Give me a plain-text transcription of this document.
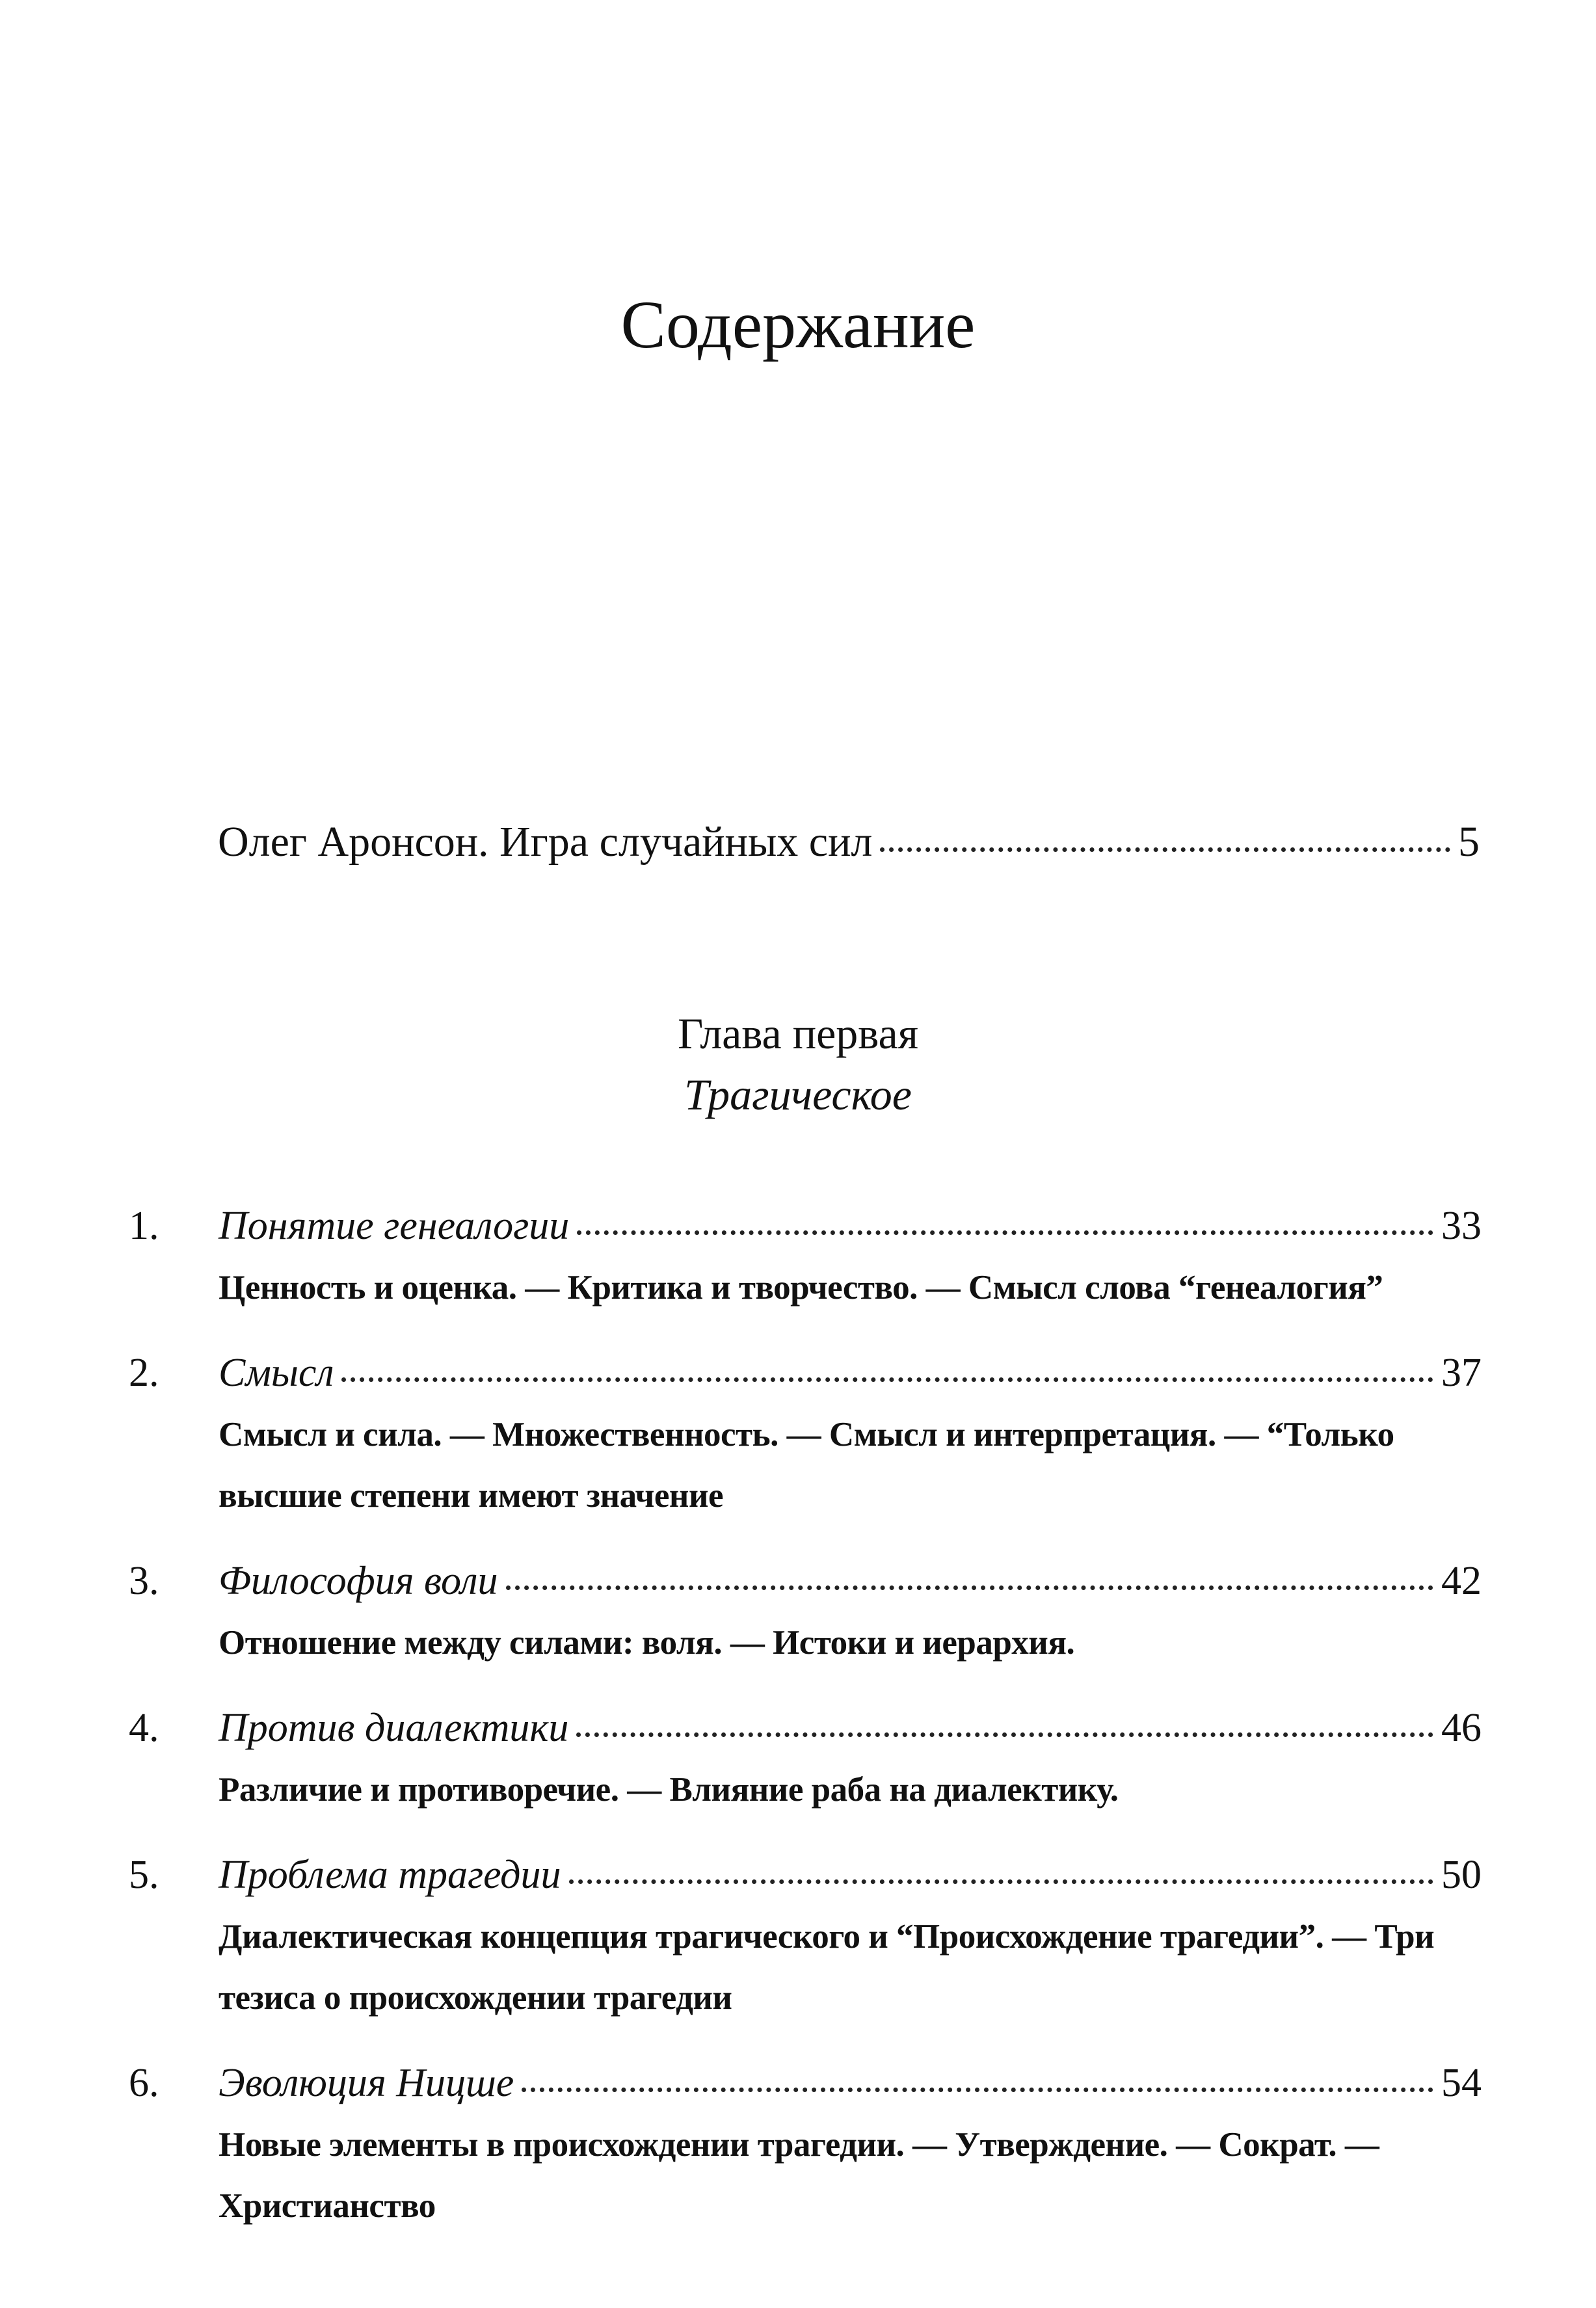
Содержание
Олег Аронсон. Игра случайных сил	5
Глава первая
Трагическое
1.	Понятие генеалогии	33
Ценность и оценка. — Критика и творчество. — Смысл слова “генеалогия”
2.	Смысл	37
Смысл и сила. — Множественность. — Смысл и интерпретация. — “Только высшие степени имеют значение
3.	Философия воли	42
Отношение между силами: воля. — Истоки и иерархия.
4.	Против диалектики	46
Различие и противоречие. — Влияние раба на диалектику.
5.	Проблема трагедии	50
Диалектическая концепция трагического и “Происхождение трагедии”. — Три тезиса о происхождении трагедии
6.	Эволюция Ницше	54
Новые элементы в происхождении трагедии. — Утверждение. — Сократ. — Христианство
